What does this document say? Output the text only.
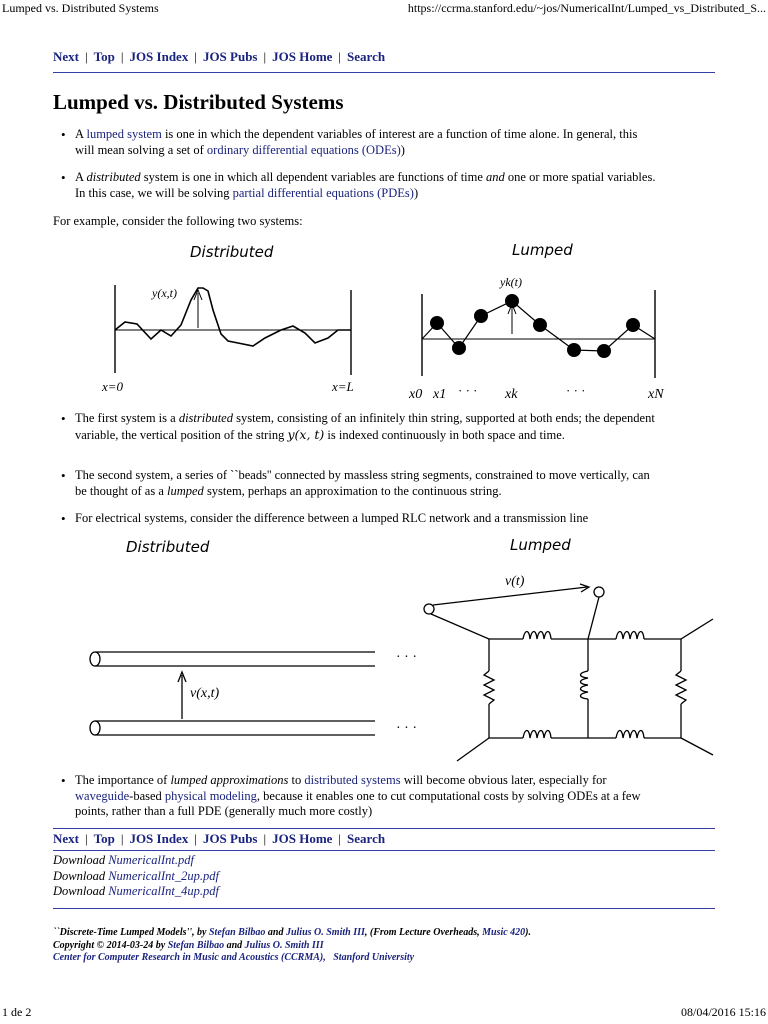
Lumped vs. Distributed Systems	https://ccrma.stanford.edu/~jos/NumericalInt/Lumped_vs_Distributed_S...
Next | Top | JOS Index | JOS Pubs | JOS Home | Search
Lumped vs. Distributed Systems
• A lumped system is one in which the dependent variables of interest are a function of time alone. In general, this
will mean solving a set of ordinary differential equations (ODEs))
• A distributed system is one in which all dependent variables are functions of time and one or more spatial variables.
In this case, we will be solving partial differential equations (PDEs))
For example, consider the following two systems:
Distributed	Lumped
y(x,t)
x=0	x=L
yk(t)
x0 x1 · · · xk	· · ·	xN
• The first system is a distributed system, consisting of an infinitely thin string, supported at both ends; the dependent
variable, the vertical position of the string y(x, t) is indexed continuously in both space and time.
• The second system, a series of ``beads'' connected by massless string segments, constrained to move vertically, can
be thought of as a lumped system, perhaps an approximation to the continuous string.
• For electrical systems, consider the difference between a lumped RLC network and a transmission line
Distributed	Lumped
· · ·
· · ·
v(x,t)
v(t)
• The importance of lumped approximations to distributed systems will become obvious later, especially for
waveguide-based physical modeling, because it enables one to cut computational costs by solving ODEs at a few
points, rather than a full PDE (generally much more costly)
Next | Top | JOS Index | JOS Pubs | JOS Home | Search
Download NumericalInt.pdf
Download NumericalInt_2up.pdf
Download NumericalInt_4up.pdf
``Discrete-Time Lumped Models'', by Stefan Bilbao and Julius O. Smith III, (From Lecture Overheads, Music 420).
Copyright © 2014-03-24 by Stefan Bilbao and Julius O. Smith III
Center for Computer Research in Music and Acoustics (CCRMA), Stanford University
1 de 2	08/04/2016 15:16
